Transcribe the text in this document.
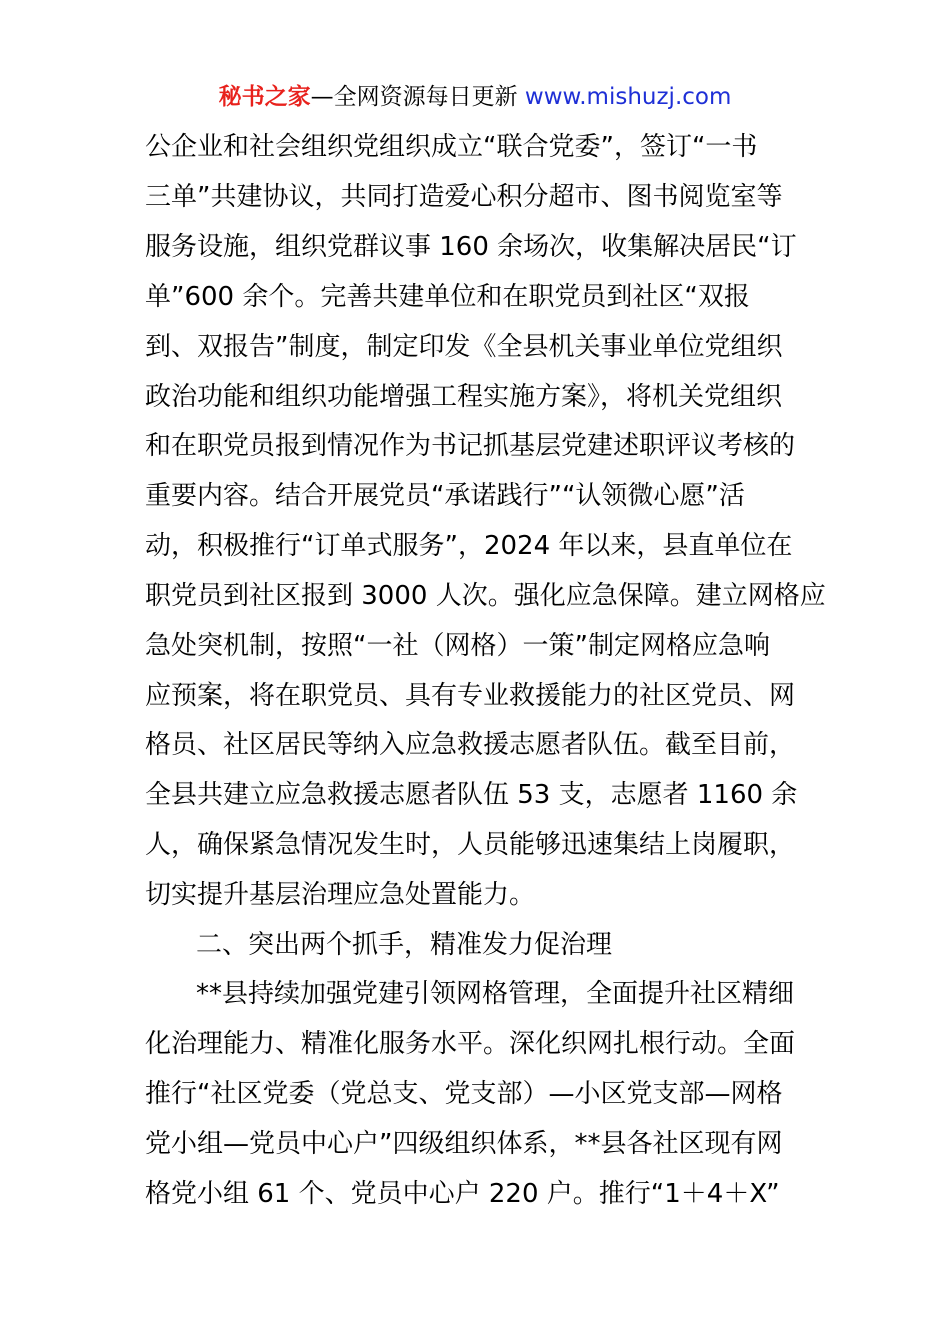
秘书之家—全网资源每日更新 www.mishuzj.com
公企业和社会组织党组织成立“联合党委”，签订“一书
三单”共建协议，共同打造爱心积分超市、图书阅览室等
服务设施，组织党群议事 160 余场次，收集解决居民“订
单”600 余个。完善共建单位和在职党员到社区“双报
到、双报告”制度，制定印发《全县机关事业单位党组织
政治功能和组织功能增强工程实施方案》，将机关党组织
和在职党员报到情况作为书记抓基层党建述职评议考核的
重要内容。结合开展党员“承诺践行”“认领微心愿”活
动，积极推行“订单式服务”，2024 年以来，县直单位在
职党员到社区报到 3000 人次。强化应急保障。建立网格应
急处突机制，按照“一社（网格）一策”制定网格应急响
应预案，将在职党员、具有专业救援能力的社区党员、网
格员、社区居民等纳入应急救援志愿者队伍。截至目前，
全县共建立应急救援志愿者队伍 53 支，志愿者 1160 余
人，确保紧急情况发生时，人员能够迅速集结上岗履职，
切实提升基层治理应急处置能力。
二、突出两个抓手，精准发力促治理
**县持续加强党建引领网格管理，全面提升社区精细
化治理能力、精准化服务水平。深化织网扎根行动。全面
推行“社区党委（党总支、党支部）—小区党支部—网格
党小组—党员中心户”四级组织体系，**县各社区现有网
格党小组 61 个、党员中心户 220 户。推行“1＋4＋X”
